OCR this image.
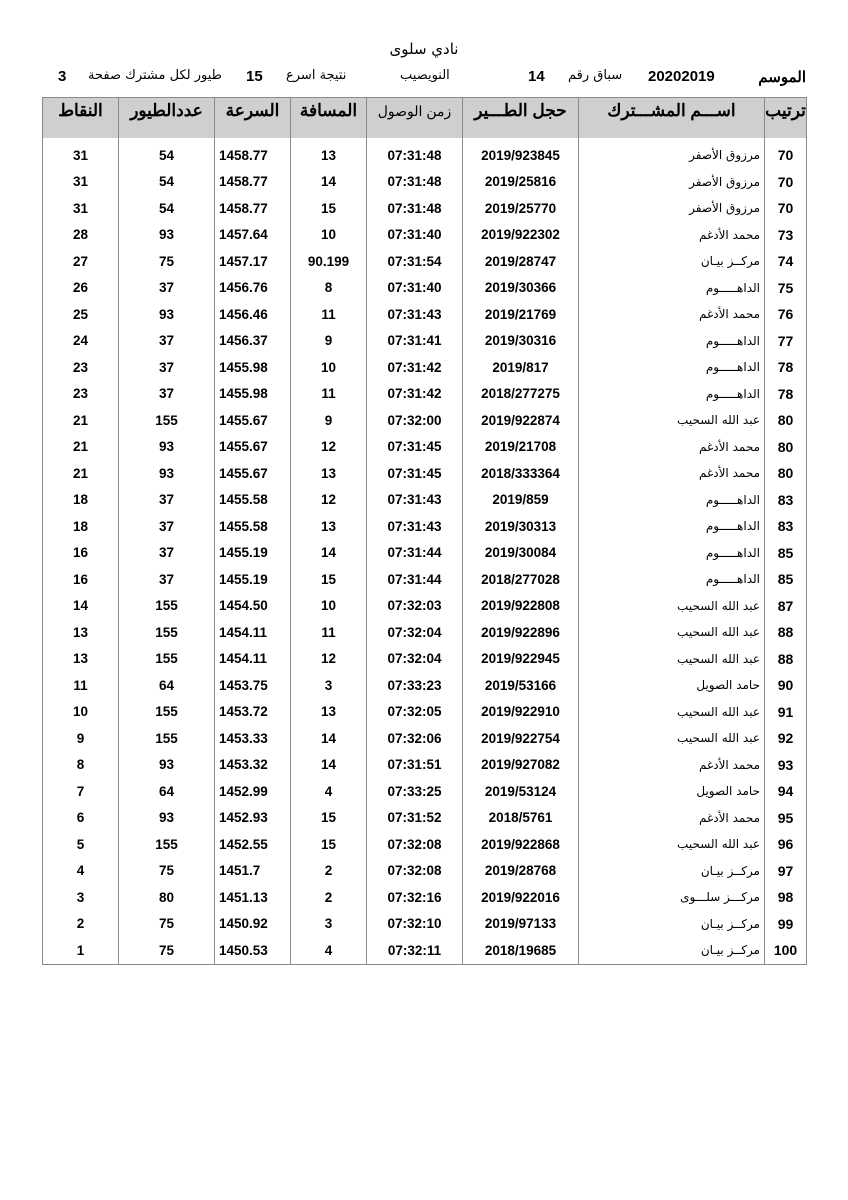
نادي سلوى
الموسم
20202019
سباق رقم
14
النويصيب
نتيجة اسرع
15
طيور لكل مشترك صفحة
3
ترتيب	اســـم المشـــترك	حجل الطـــير	زمن الوصول	المسافة	السرعة	عددالطيور	النقاط

70	مرزوق الأصفر	2019/923845	07:31:48	13	1458.77	54	31
70	مرزوق الأصفر	2019/25816	07:31:48	14	1458.77	54	31
70	مرزوق الأصفر	2019/25770	07:31:48	15	1458.77	54	31
73	محمد الأدغم	2019/922302	07:31:40	10	1457.64	93	28
74	مركــز بيـان	2019/28747	07:31:54	90.199	1457.17	75	27
75	الداهـــــوم	2019/30366	07:31:40	8	1456.76	37	26
76	محمد الأدغم	2019/21769	07:31:43	11	1456.46	93	25
77	الداهـــــوم	2019/30316	07:31:41	9	1456.37	37	24
78	الداهـــــوم	2019/817	07:31:42	10	1455.98	37	23
78	الداهـــــوم	2018/277275	07:31:42	11	1455.98	37	23
80	عبد الله السحيب	2019/922874	07:32:00	9	1455.67	155	21
80	محمد الأدغم	2019/21708	07:31:45	12	1455.67	93	21
80	محمد الأدغم	2018/333364	07:31:45	13	1455.67	93	21
83	الداهـــــوم	2019/859	07:31:43	12	1455.58	37	18
83	الداهـــــوم	2019/30313	07:31:43	13	1455.58	37	18
85	الداهـــــوم	2019/30084	07:31:44	14	1455.19	37	16
85	الداهـــــوم	2018/277028	07:31:44	15	1455.19	37	16
87	عبد الله السحيب	2019/922808	07:32:03	10	1454.50	155	14
88	عبد الله السحيب	2019/922896	07:32:04	11	1454.11	155	13
88	عبد الله السحيب	2019/922945	07:32:04	12	1454.11	155	13
90	حامد الصويل	2019/53166	07:33:23	3	1453.75	64	11
91	عبد الله السحيب	2019/922910	07:32:05	13	1453.72	155	10
92	عبد الله السحيب	2019/922754	07:32:06	14	1453.33	155	9
93	محمد الأدغم	2019/927082	07:31:51	14	1453.32	93	8
94	حامد الصويل	2019/53124	07:33:25	4	1452.99	64	7
95	محمد الأدغم	2018/5761	07:31:52	15	1452.93	93	6
96	عبد الله السحيب	2019/922868	07:32:08	15	1452.55	155	5
97	مركــز بيـان	2019/28768	07:32:08	2	1451.7	75	4
98	مركـــز سلـــوى	2019/922016	07:32:16	2	1451.13	80	3
99	مركــز بيـان	2019/97133	07:32:10	3	1450.92	75	2
100	مركــز بيـان	2018/19685	07:32:11	4	1450.53	75	1
